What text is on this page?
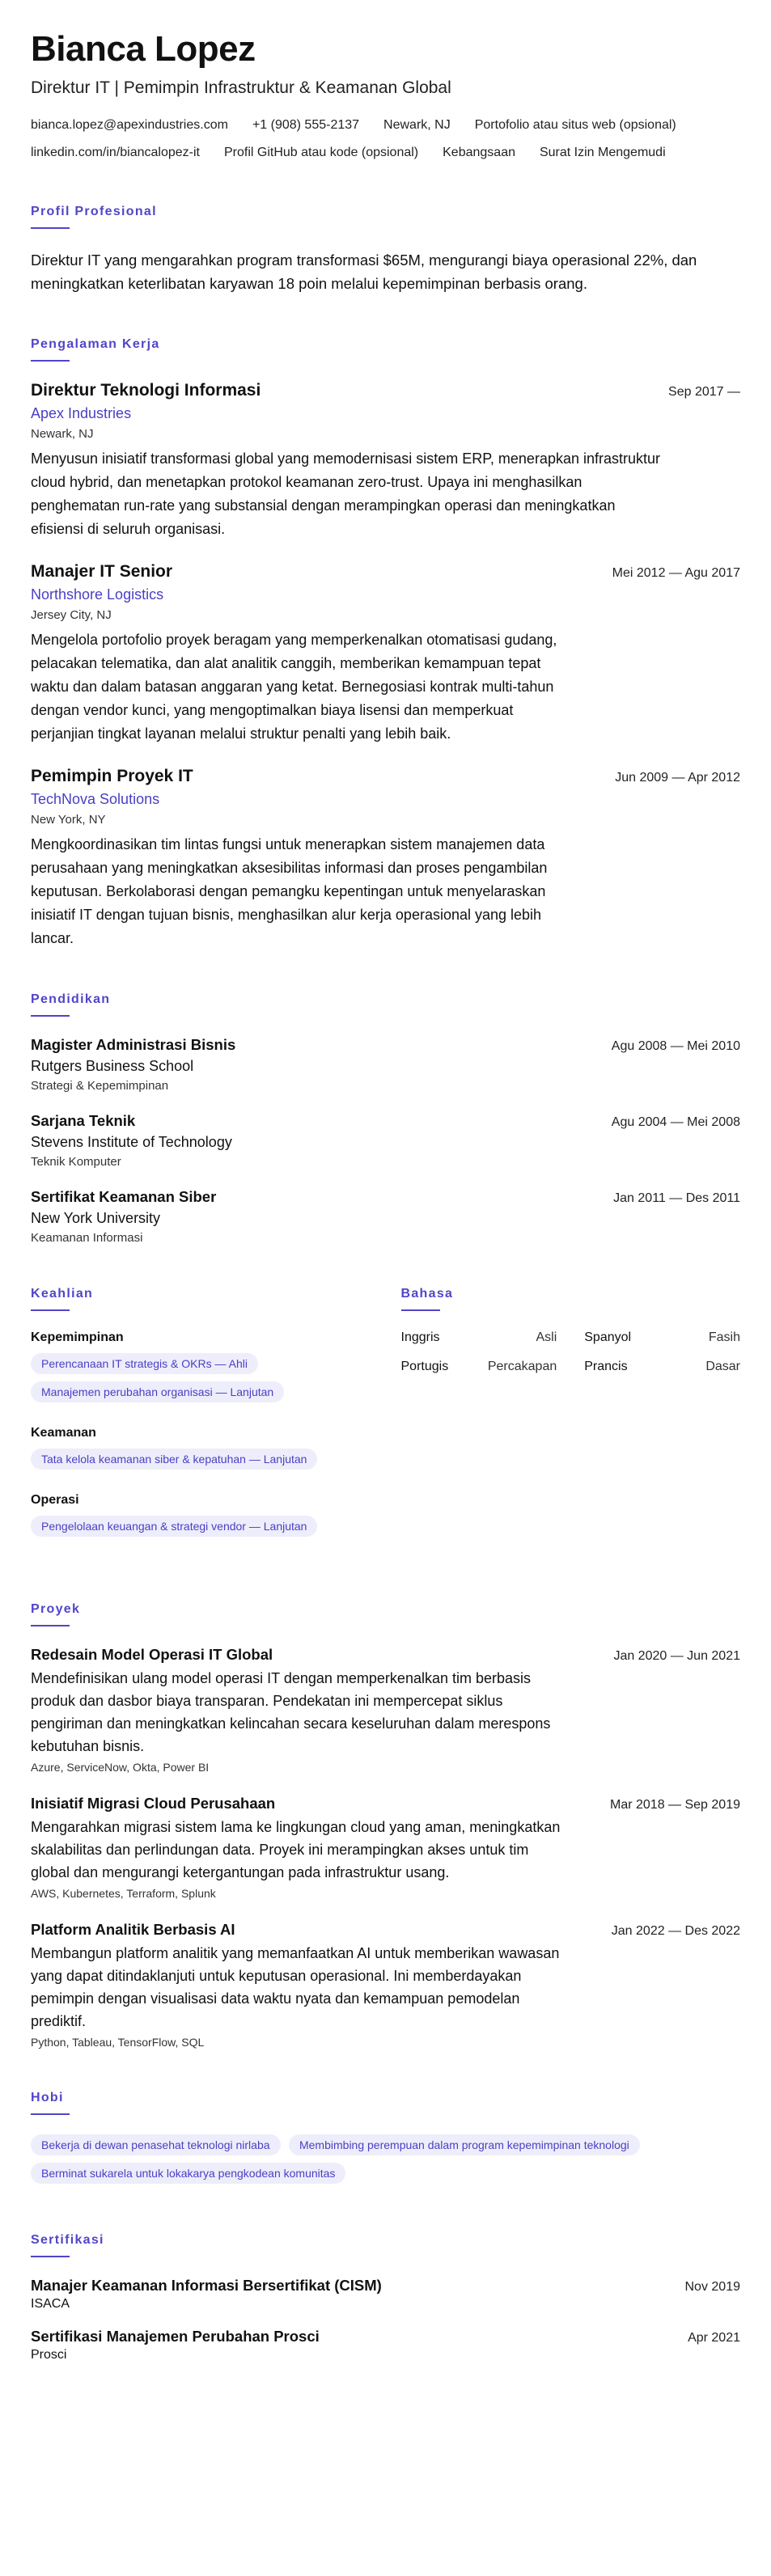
Bianca Lopez
Direktur IT | Pemimpin Infrastruktur & Keamanan Global
bianca.lopez@apexindustries.com +1 (908) 555-2137 Newark, NJ Portofolio atau situs web (opsional)
linkedin.com/in/biancalopez-it Profil GitHub atau kode (opsional) Kebangsaan Surat Izin Mengemudi
Profil Profesional

Direktur IT yang mengarahkan program transformasi $65M, mengurangi biaya operasional 22%, dan meningkatkan keterlibatan karyawan 18 poin melalui kepemimpinan berbasis orang.

Pengalaman Kerja
Direktur Teknologi Informasi	Sep 2017 —
Apex Industries
Newark, NJ
Menyusun inisiatif transformasi global yang memodernisasi sistem ERP, menerapkan infrastruktur cloud hybrid, dan menetapkan protokol keamanan zero-trust. Upaya ini menghasilkan penghematan run-rate yang substansial dengan merampingkan operasi dan meningkatkan efisiensi di seluruh organisasi.
Manajer IT Senior	Mei 2012 — Agu 2017
Northshore Logistics
Jersey City, NJ
Mengelola portofolio proyek beragam yang memperkenalkan otomatisasi gudang, pelacakan telematika, dan alat analitik canggih, memberikan kemampuan tepat waktu dan dalam batasan anggaran yang ketat. Bernegosiasi kontrak multi-tahun dengan vendor kunci, yang mengoptimalkan biaya lisensi dan memperkuat perjanjian tingkat layanan melalui struktur penalti yang lebih baik.
Pemimpin Proyek IT	Jun 2009 — Apr 2012
TechNova Solutions
New York, NY
Mengkoordinasikan tim lintas fungsi untuk menerapkan sistem manajemen data perusahaan yang meningkatkan aksesibilitas informasi dan proses pengambilan keputusan. Berkolaborasi dengan pemangku kepentingan untuk menyelaraskan inisiatif IT dengan tujuan bisnis, menghasilkan alur kerja operasional yang lebih lancar.
Pendidikan
Magister Administrasi Bisnis	Agu 2008 — Mei 2010
Rutgers Business School
Strategi & Kepemimpinan
Sarjana Teknik	Agu 2004 — Mei 2008
Stevens Institute of Technology
Teknik Komputer
Sertifikat Keamanan Siber	Jan 2011 — Des 2011
New York University
Keamanan Informasi
Keahlian
Kepemimpinan
Perencanaan IT strategis & OKRs — Ahli
Manajemen perubahan organisasi — Lanjutan
Keamanan
Tata kelola keamanan siber & kepatuhan — Lanjutan
Operasi
Pengelolaan keuangan & strategi vendor — Lanjutan
Bahasa
Inggris	Asli Spanyol	Fasih
Portugis	Percakapan Prancis	Dasar
Proyek
Redesain Model Operasi IT Global	Jan 2020 — Jun 2021
Mendefinisikan ulang model operasi IT dengan memperkenalkan tim berbasis produk dan dasbor biaya transparan. Pendekatan ini mempercepat siklus pengiriman dan meningkatkan kelincahan secara keseluruhan dalam merespons kebutuhan bisnis.
Azure, ServiceNow, Okta, Power BI
Inisiatif Migrasi Cloud Perusahaan	Mar 2018 — Sep 2019
Mengarahkan migrasi sistem lama ke lingkungan cloud yang aman, meningkatkan skalabilitas dan perlindungan data. Proyek ini merampingkan akses untuk tim global dan mengurangi ketergantungan pada infrastruktur usang.
AWS, Kubernetes, Terraform, Splunk
Platform Analitik Berbasis AI	Jan 2022 — Des 2022
Membangun platform analitik yang memanfaatkan AI untuk memberikan wawasan yang dapat ditindaklanjuti untuk keputusan operasional. Ini memberdayakan pemimpin dengan visualisasi data waktu nyata dan kemampuan pemodelan prediktif.
Python, Tableau, TensorFlow, SQL
Hobi
Bekerja di dewan penasehat teknologi nirlaba	Membimbing perempuan dalam program kepemimpinan teknologi Berminat sukarela untuk lokakarya pengkodean komunitas
Sertifikasi
Manajer Keamanan Informasi Bersertifikat (CISM)	Nov 2019
ISACA
Sertifikasi Manajemen Perubahan Prosci	Apr 2021
Prosci
